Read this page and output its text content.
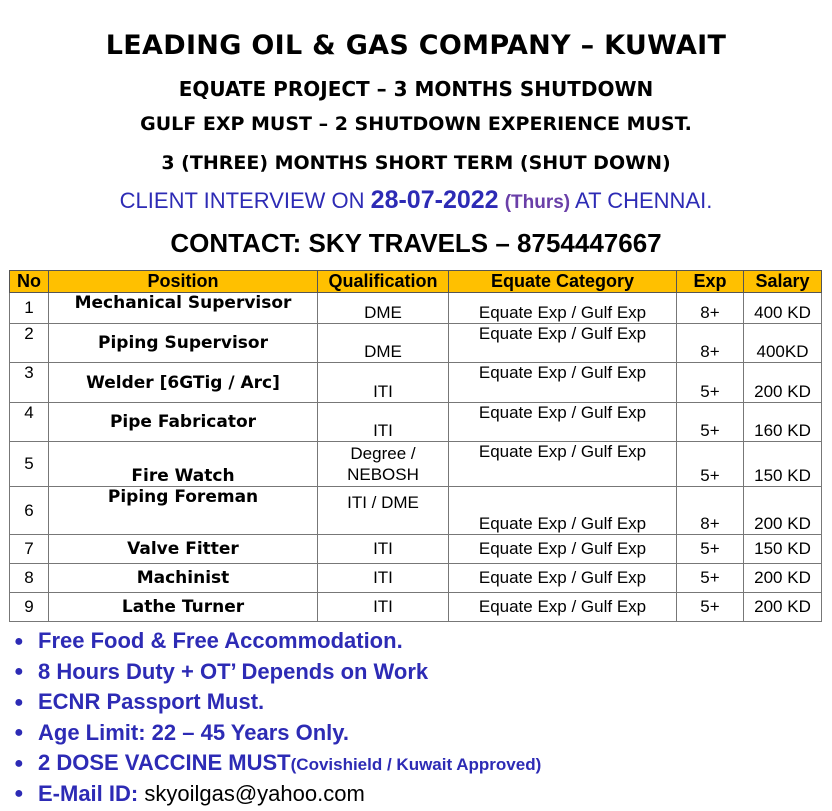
LEADING OIL & GAS COMPANY – KUWAIT
EQUATE PROJECT – 3 MONTHS SHUTDOWN
GULF EXP MUST – 2 SHUTDOWN EXPERIENCE MUST.
3 (THREE) MONTHS SHORT TERM (SHUT DOWN)
CLIENT INTERVIEW ON 28-07-2022 (Thurs) AT CHENNAI.
CONTACT: SKY TRAVELS – 8754447667
No	Position	Qualification	Equate Category	Exp	Salary
1	Mechanical Supervisor	DME	Equate Exp / Gulf Exp	8+	400 KD
2	Piping Supervisor	DME	Equate Exp / Gulf Exp	8+	400KD
3	Welder [6GTig / Arc]	ITI	Equate Exp / Gulf Exp	5+	200 KD
4	Pipe Fabricator	ITI	Equate Exp / Gulf Exp	5+	160 KD
5	Fire Watch	Degree / NEBOSH	Equate Exp / Gulf Exp	5+	150 KD
6	Piping Foreman	ITI / DME	Equate Exp / Gulf Exp	8+	200 KD
7	Valve Fitter	ITI	Equate Exp / Gulf Exp	5+	150 KD
8	Machinist	ITI	Equate Exp / Gulf Exp	5+	200 KD
9	Lathe Turner	ITI	Equate Exp / Gulf Exp	5+	200 KD
● Free Food & Free Accommodation.
● 8 Hours Duty + OT’ Depends on Work
● ECNR Passport Must.
● Age Limit: 22 – 45 Years Only.
● 2 DOSE VACCINE MUST(Covishield / Kuwait Approved)
● E-Mail ID: skyoilgas@yahoo.com
